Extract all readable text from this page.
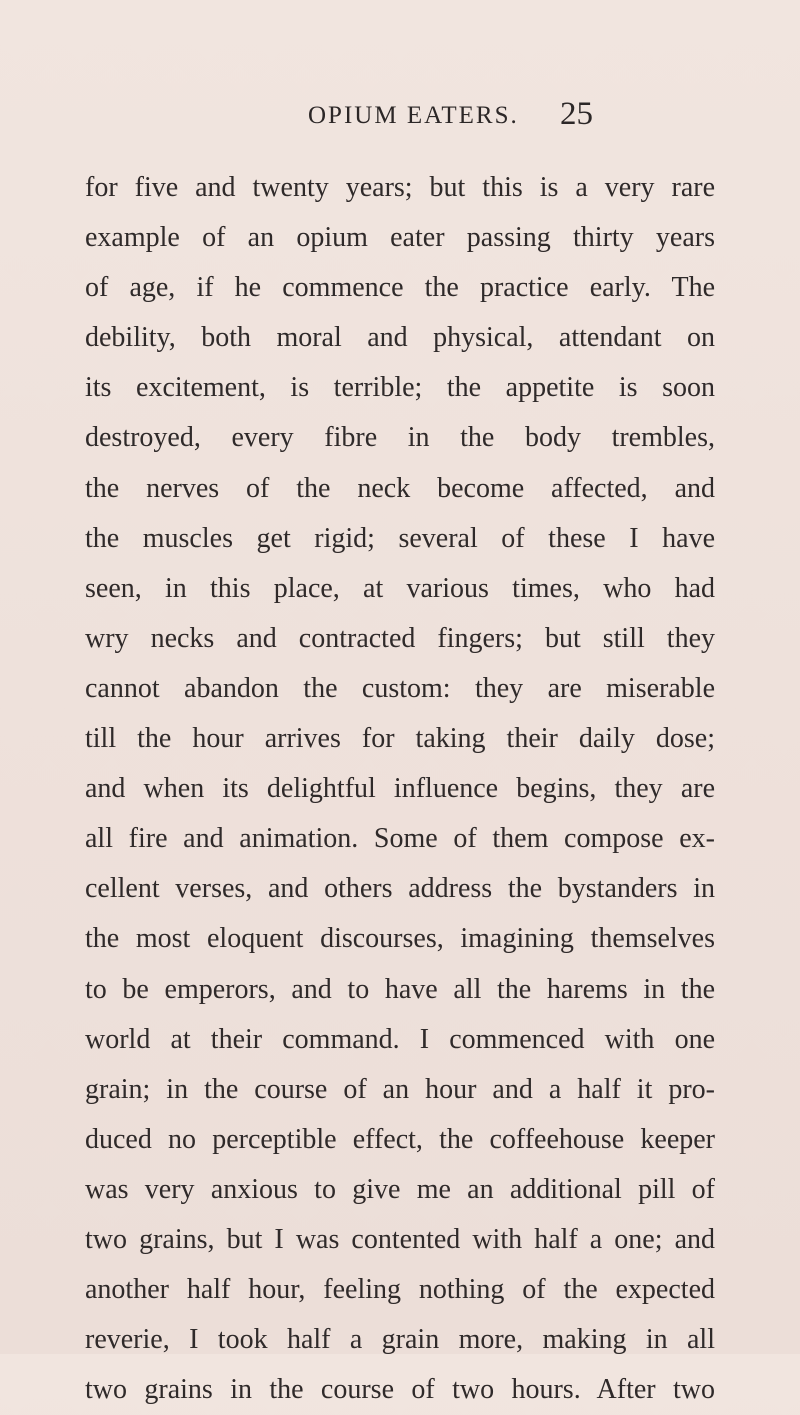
OPIUM EATERS. 25
for five and twenty years; but this is a very rare
example of an opium eater passing thirty years
of age, if he commence the practice early. The
debility, both moral and physical, attendant on
its excitement, is terrible; the appetite is soon
destroyed, every fibre in the body trembles,
the nerves of the neck become affected, and
the muscles get rigid; several of these I have
seen, in this place, at various times, who had
wry necks and contracted fingers; but still they
cannot abandon the custom: they are miserable
till the hour arrives for taking their daily dose;
and when its delightful influence begins, they are
all fire and animation. Some of them compose ex-
cellent verses, and others address the bystanders in
the most eloquent discourses, imagining themselves
to be emperors, and to have all the harems in the
world at their command. I commenced with one
grain; in the course of an hour and a half it pro-
duced no perceptible effect, the coffeehouse keeper
was very anxious to give me an additional pill of
two grains, but I was contented with half a one; and
another half hour, feeling nothing of the expected
reverie, I took half a grain more, making in all
two grains in the course of two hours. After two
